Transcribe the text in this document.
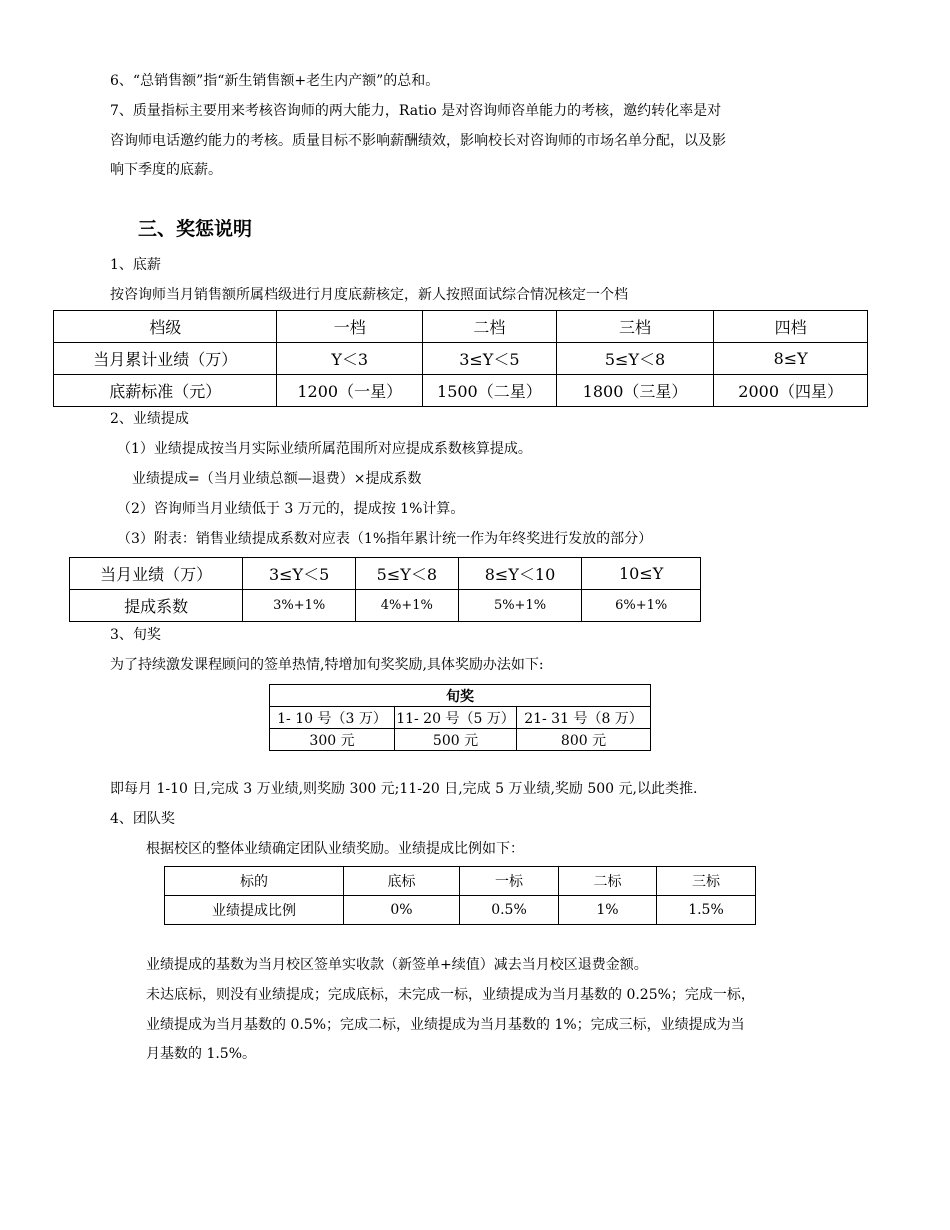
6、“总销售额”指“新生销售额+老生内产额”的总和。
7、质量指标主要用来考核咨询师的两大能力，Ratio 是对咨询师咨单能力的考核，邀约转化率是对
咨询师电话邀约能力的考核。质量目标不影响薪酬绩效，影响校长对咨询师的市场名单分配，以及影
响下季度的底薪。
三、奖惩说明
1、底薪
按咨询师当月销售额所属档级进行月度底薪核定，新人按照面试综合情况核定一个档
档级	一档	二档	三档	四档
当月累计业绩（万）	Y＜3	3≤Y＜5	5≤Y＜8	8≤Y
底薪标准（元）	1200（一星）	1500（二星）	1800（三星）	2000（四星）
2、业绩提成
（1）业绩提成按当月实际业绩所属范围所对应提成系数核算提成。
业绩提成=（当月业绩总额—退费）×提成系数
（2）咨询师当月业绩低于 3 万元的，提成按 1%计算。
（3）附表：销售业绩提成系数对应表（1%指年累计统一作为年终奖进行发放的部分）
当月业绩（万）	3≤Y＜5	5≤Y＜8	8≤Y＜10	10≤Y
提成系数	3%+1%	4%+1%	5%+1%	6%+1%
3、旬奖
为了持续激发课程顾问的签单热情,特增加旬奖奖励,具体奖励办法如下:
旬奖		
1- 10 号（3 万）	11- 20 号（5 万）	21- 31 号（8 万）
300 元	500 元	800 元
即每月 1-10 日,完成 3 万业绩,则奖励 300 元;11-20 日,完成 5 万业绩,奖励 500 元,以此类推.
4、团队奖
根据校区的整体业绩确定团队业绩奖励。业绩提成比例如下：
标的	底标	一标	二标	三标
业绩提成比例	0%	0.5%	1%	1.5%
业绩提成的基数为当月校区签单实收款（新签单+续值）减去当月校区退费金额。
未达底标，则没有业绩提成；完成底标，未完成一标，业绩提成为当月基数的 0.25%；完成一标，
业绩提成为当月基数的 0.5%；完成二标，业绩提成为当月基数的 1%；完成三标，业绩提成为当
月基数的 1.5%。
